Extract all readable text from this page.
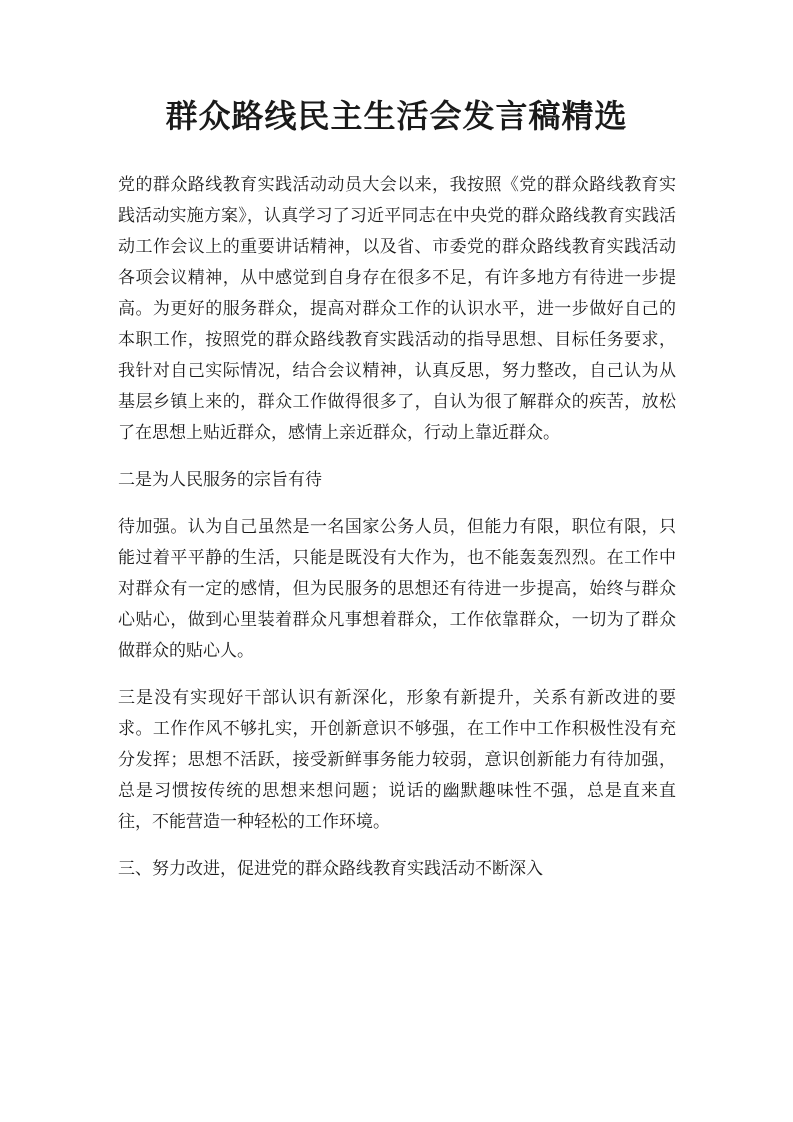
群众路线民主生活会发言稿精选

党的群众路线教育实践活动动员大会以来，我按照《党的群众路线教育实践活动实施方案》，认真学习了习近平同志在中央党的群众路线教育实践活动工作会议上的重要讲话精神，以及省、市委党的群众路线教育实践活动各项会议精神，从中感觉到自身存在很多不足，有许多地方有待进一步提高。为更好的服务群众，提高对群众工作的认识水平，进一步做好自己的本职工作，按照党的群众路线教育实践活动的指导思想、目标任务要求，我针对自己实际情况，结合会议精神，认真反思，努力整改，自己认为从基层乡镇上来的，群众工作做得很多了，自认为很了解群众的疾苦，放松了在思想上贴近群众，感情上亲近群众，行动上靠近群众。

二是为人民服务的宗旨有待

待加强。认为自己虽然是一名国家公务人员，但能力有限，职位有限，只能过着平平静的生活，只能是既没有大作为，也不能轰轰烈烈。在工作中对群众有一定的感情，但为民服务的思想还有待进一步提高，始终与群众心贴心，做到心里装着群众凡事想着群众，工作依靠群众，一切为了群众做群众的贴心人。

三是没有实现好干部认识有新深化，形象有新提升，关系有新改进的要求。工作作风不够扎实，开创新意识不够强，在工作中工作积极性没有充分发挥；思想不活跃，接受新鲜事务能力较弱，意识创新能力有待加强，总是习惯按传统的思想来想问题；说话的幽默趣味性不强，总是直来直往，不能营造一种轻松的工作环境。

三、努力改进，促进党的群众路线教育实践活动不断深入
